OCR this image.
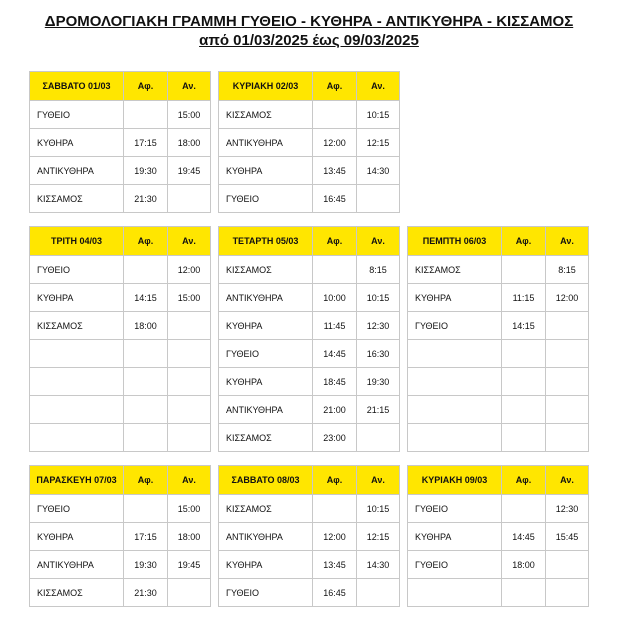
ΔΡΟΜΟΛΟΓΙΑΚΗ ΓΡΑΜΜΗ ΓΥΘΕΙΟ - ΚΥΘΗΡΑ - ΑΝΤΙΚΥΘΗΡΑ - ΚΙΣΣΑΜΟΣ
από 01/03/2025 έως 09/03/2025
ΣΑΒΒΑΤΟ 01/03	Αφ.	Αν.
ΓΥΘΕΙΟ		15:00
ΚΥΘΗΡΑ	17:15	18:00
ΑΝΤΙΚΥΘΗΡΑ	19:30	19:45
ΚΙΣΣΑΜΟΣ	21:30	
ΚΥΡΙΑΚΗ 02/03	Αφ.	Αν.
ΚΙΣΣΑΜΟΣ		10:15
ΑΝΤΙΚΥΘΗΡΑ	12:00	12:15
ΚΥΘΗΡΑ	13:45	14:30
ΓΥΘΕΙΟ	16:45	
ΤΡΙΤΗ 04/03	Αφ.	Αν.
ΓΥΘΕΙΟ		12:00
ΚΥΘΗΡΑ	14:15	15:00
ΚΙΣΣΑΜΟΣ	18:00	

ΤΕΤΑΡΤΗ 05/03	Αφ.	Αν.
ΚΙΣΣΑΜΟΣ		8:15
ΑΝΤΙΚΥΘΗΡΑ	10:00	10:15
ΚΥΘΗΡΑ	11:45	12:30
ΓΥΘΕΙΟ	14:45	16:30
ΚΥΘΗΡΑ	18:45	19:30
ΑΝΤΙΚΥΘΗΡΑ	21:00	21:15
ΚΙΣΣΑΜΟΣ	23:00	
ΠΕΜΠΤΗ 06/03	Αφ.	Αν.
ΚΙΣΣΑΜΟΣ		8:15
ΚΥΘΗΡΑ	11:15	12:00
ΓΥΘΕΙΟ	14:15	

ΠΑΡΑΣΚΕΥΗ 07/03	Αφ.	Αν.
ΓΥΘΕΙΟ		15:00
ΚΥΘΗΡΑ	17:15	18:00
ΑΝΤΙΚΥΘΗΡΑ	19:30	19:45
ΚΙΣΣΑΜΟΣ	21:30	
ΣΑΒΒΑΤΟ 08/03	Αφ.	Αν.
ΚΙΣΣΑΜΟΣ		10:15
ΑΝΤΙΚΥΘΗΡΑ	12:00	12:15
ΚΥΘΗΡΑ	13:45	14:30
ΓΥΘΕΙΟ	16:45	
ΚΥΡΙΑΚΗ 09/03	Αφ.	Αν.
ΓΥΘΕΙΟ		12:30
ΚΥΘΗΡΑ	14:45	15:45
ΓΥΘΕΙΟ	18:00	
